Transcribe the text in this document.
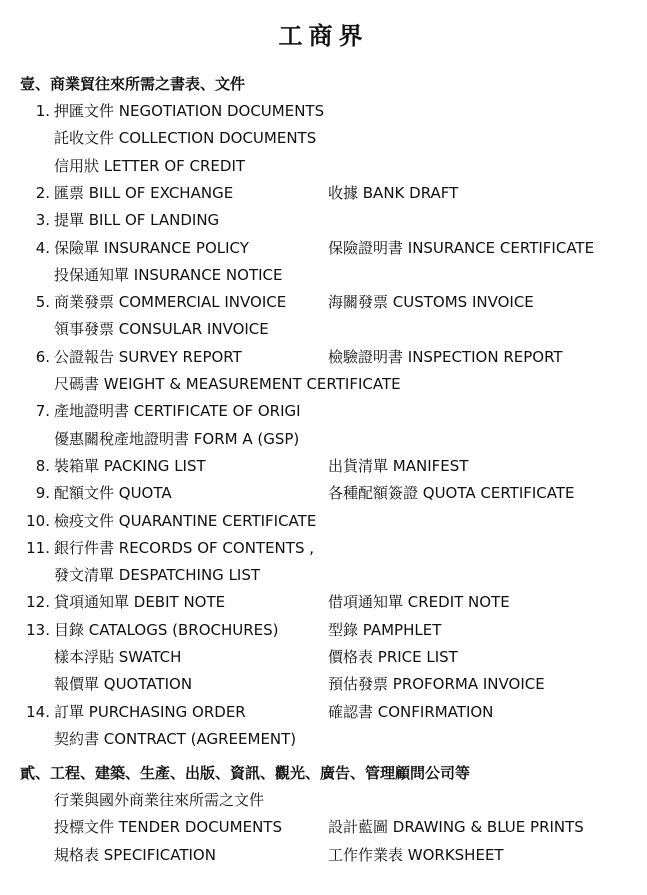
工商界
壹、商業貿往來所需之書表、文件
1. 押匯文件 NEGOTIATION DOCUMENTS
託收文件 COLLECTION DOCUMENTS
信用狀 LETTER OF CREDIT
2. 匯票 BILL OF EXCHANGE	收據 BANK DRAFT
3. 提單 BILL OF LANDING
4. 保險單 INSURANCE POLICY	保險證明書 INSURANCE CERTIFICATE
投保通知單 INSURANCE NOTICE
5. 商業發票 COMMERCIAL INVOICE	海關發票 CUSTOMS INVOICE
領事發票 CONSULAR INVOICE
6. 公證報告 SURVEY REPORT	檢驗證明書 INSPECTION REPORT
尺碼書 WEIGHT & MEASUREMENT CERTIFICATE
7. 產地證明書 CERTIFICATE OF ORIGI
優惠關稅產地證明書 FORM A (GSP)
8. 裝箱單 PACKING LIST	出貨清單 MANIFEST
9. 配額文件 QUOTA	各種配額簽證 QUOTA CERTIFICATE
10. 檢疫文件 QUARANTINE CERTIFICATE
11. 銀行件書 RECORDS OF CONTENTS ,
發文清單 DESPATCHING LIST
12. 貸項通知單 DEBIT NOTE	借項通知單 CREDIT NOTE
13. 目錄 CATALOGS (BROCHURES)	型錄 PAMPHLET
樣本浮貼 SWATCH	價格表 PRICE LIST
報價單 QUOTATION	預估發票 PROFORMA INVOICE
14. 訂單 PURCHASING ORDER	確認書 CONFIRMATION
契約書 CONTRACT (AGREEMENT)
貳、工程、建築、生產、出版、資訊、觀光、廣告、管理顧問公司等
行業與國外商業往來所需之文件
投標文件 TENDER DOCUMENTS	設計藍圖 DRAWING & BLUE PRINTS
規格表 SPECIFICATION	工作作業表 WORKSHEET
